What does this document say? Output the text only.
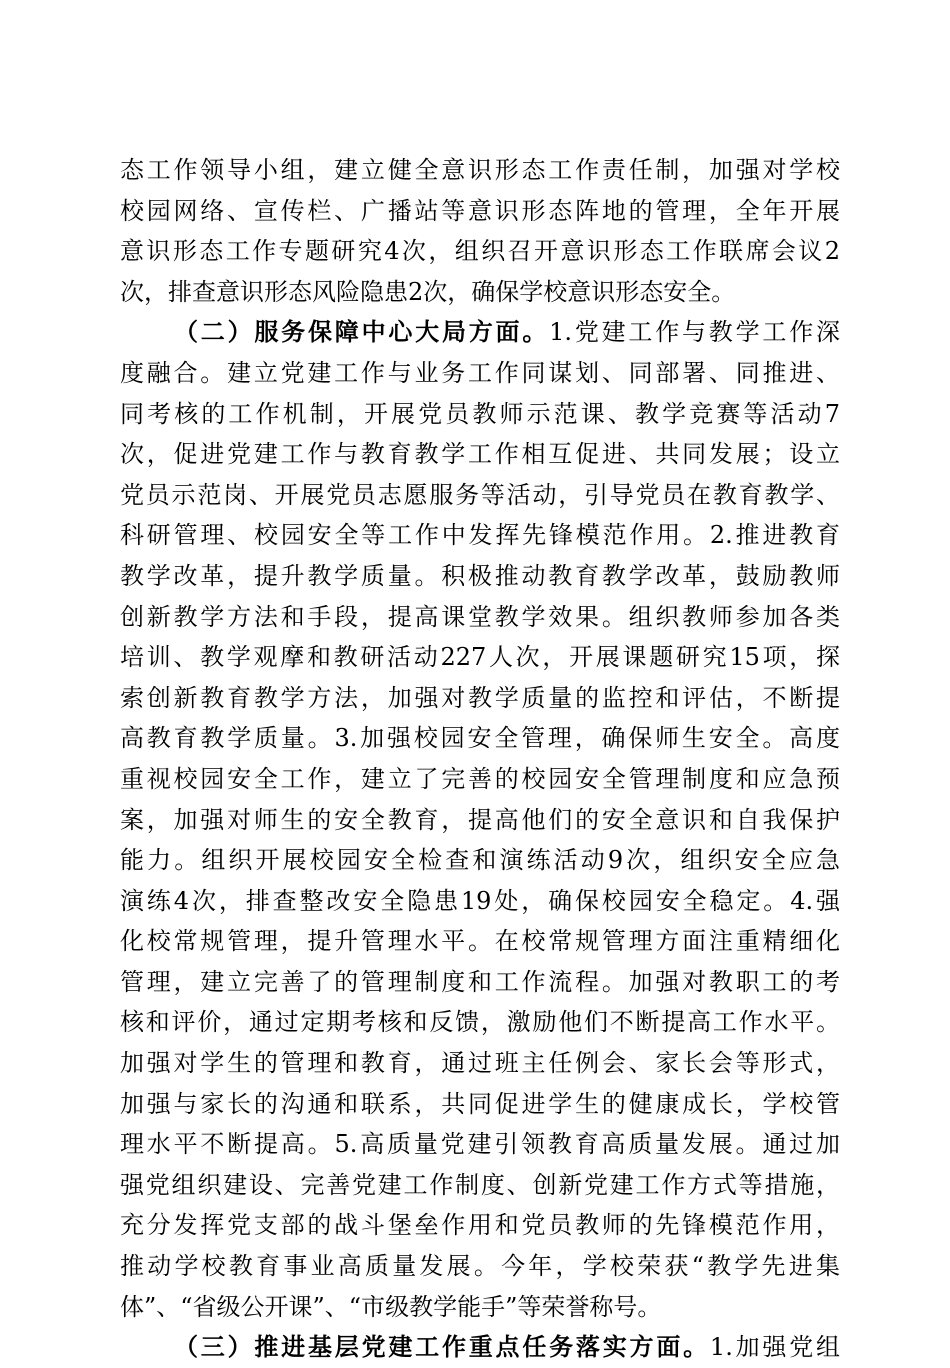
态工作领导小组，建立健全意识形态工作责任制，加强对学校
校园网络、宣传栏、广播站等意识形态阵地的管理，全年开展
意识形态工作专题研究4次，组织召开意识形态工作联席会议2
次，排查意识形态风险隐患2次，确保学校意识形态安全。
（二）服务保障中心大局方面。1.党建工作与教学工作深
度融合。建立党建工作与业务工作同谋划、同部署、同推进、
同考核的工作机制，开展党员教师示范课、教学竞赛等活动7
次，促进党建工作与教育教学工作相互促进、共同发展；设立
党员示范岗、开展党员志愿服务等活动，引导党员在教育教学、
科研管理、校园安全等工作中发挥先锋模范作用。2.推进教育
教学改革，提升教学质量。积极推动教育教学改革，鼓励教师
创新教学方法和手段，提高课堂教学效果。组织教师参加各类
培训、教学观摩和教研活动227人次，开展课题研究15项，探
索创新教育教学方法，加强对教学质量的监控和评估，不断提
高教育教学质量。3.加强校园安全管理，确保师生安全。高度
重视校园安全工作，建立了完善的校园安全管理制度和应急预
案，加强对师生的安全教育，提高他们的安全意识和自我保护
能力。组织开展校园安全检查和演练活动9次，组织安全应急
演练4次，排查整改安全隐患19处，确保校园安全稳定。4.强
化校常规管理，提升管理水平。在校常规管理方面注重精细化
管理，建立完善了的管理制度和工作流程。加强对教职工的考
核和评价，通过定期考核和反馈，激励他们不断提高工作水平。
加强对学生的管理和教育，通过班主任例会、家长会等形式，
加强与家长的沟通和联系，共同促进学生的健康成长，学校管
理水平不断提高。5.高质量党建引领教育高质量发展。通过加
强党组织建设、完善党建工作制度、创新党建工作方式等措施，
充分发挥党支部的战斗堡垒作用和党员教师的先锋模范作用，
推动学校教育事业高质量发展。今年，学校荣获“教学先进集
体”、“省级公开课”、“市级教学能手”等荣誉称号。
（三）推进基层党建工作重点任务落实方面。1.加强党组
